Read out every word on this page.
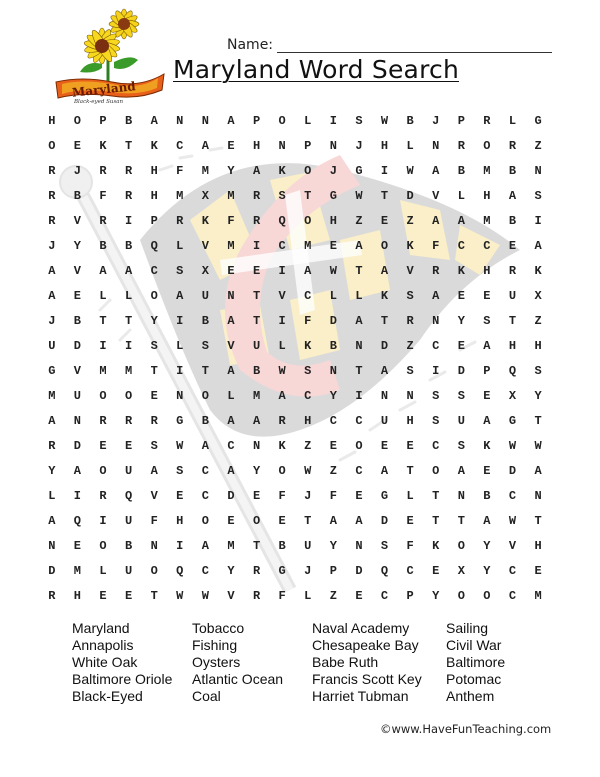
Maryland
Black-eyed Susan
Name:
Maryland Word Search
H	O	P	B	A	N	N	A	P	O	L	I	S	W	B	J	P	R	L	G
O	E	K	T	K	C	A	E	H	N	P	N	J	H	L	N	R	O	R	Z
R	J	R	R	H	F	M	Y	A	K	O	J	G	I	W	A	B	M	B	N
R	B	F	R	H	M	X	M	R	S	T	G	W	T	D	V	L	H	A	S
R	V	R	I	P	R	K	F	R	Q	O	H	Z	E	Z	A	A	M	B	I
J	Y	B	B	Q	L	V	M	I	C	M	E	A	O	K	F	C	C	E	A
A	V	A	A	C	S	X	E	E	I	A	W	T	A	V	R	K	H	R	K
A	E	L	L	O	A	U	N	T	V	C	L	L	K	S	A	E	E	U	X
J	B	T	T	Y	I	B	A	T	I	F	D	A	T	R	N	Y	S	T	Z
U	D	I	I	S	L	S	V	U	L	K	B	N	D	Z	C	E	A	H	H
G	V	M	M	T	I	T	A	B	W	S	N	T	A	S	I	D	P	Q	S
M	U	O	O	E	N	O	L	M	A	C	Y	I	N	N	S	S	E	X	Y
A	N	R	R	R	G	B	A	A	R	H	C	C	U	H	S	U	A	G	T
R	D	E	E	S	W	A	C	N	K	Z	E	O	E	E	C	S	K	W	W
Y	A	O	U	A	S	C	A	Y	O	W	Z	C	A	T	O	A	E	D	A
L	I	R	Q	V	E	C	D	E	F	J	F	E	G	L	T	N	B	C	N
A	Q	I	U	F	H	O	E	O	E	T	A	A	D	E	T	T	A	W	T
N	E	O	B	N	I	A	M	T	B	U	Y	N	S	F	K	O	Y	V	H
D	M	L	U	O	Q	C	Y	R	G	J	P	D	Q	C	E	X	Y	C	E
R	H	E	E	T	W	W	V	R	F	L	Z	E	C	P	Y	O	O	C	M
Maryland
Annapolis
White Oak
Baltimore Oriole
Black-Eyed
Tobacco
Fishing
Oysters
Atlantic Ocean
Coal
Naval Academy
Chesapeake Bay
Babe Ruth
Francis Scott Key
Harriet Tubman
Sailing
Civil War
Baltimore
Potomac
Anthem
©www.HaveFunTeaching.com
